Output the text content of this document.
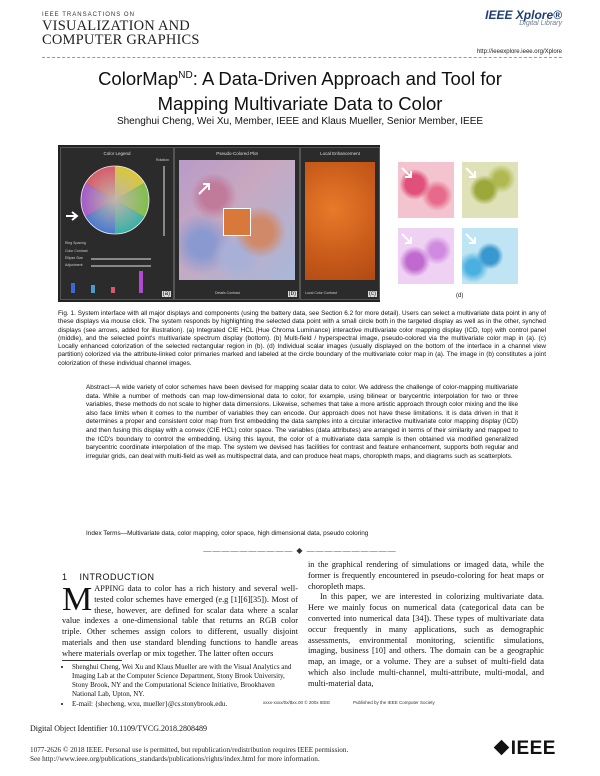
IEEE TRANSACTIONS ON
VISUALIZATION AND
COMPUTER GRAPHICS
IEEE Xplore®
Digital Library
http://ieeexplore.ieee.org/Xplore
ColorMap$^{ND}$: A Data-Driven Approach and Tool for
Mapping Multivariate Data to Color
Shenghui Cheng, Wei Xu, Member, IEEE and Klaus Mueller, Senior Member, IEEE
Color Legend
Rotation
Ring Spacing
Color Contrast
Ellipse Size
Adjustment
(a)
Pseudo-Colored Plot
Details Contrast	(b)
Local Enhancement
Local Color Contrast	(c)	(d)
Fig. 1. System interface with all major displays and components (using the battery data, see Section 6.2 for more detail). Users can select a multivariate data point in any of these displays via mouse click. The system responds by highlighting the selected data point with a small circle both in the targeted display as well as in the other, synched displays (see arrows, added for illustration). (a) Integrated CIE HCL (Hue Chroma Luminance) interactive multivariate color mapping display (ICD, top) with control panel (middle), and the selected point's multivariate spectrum display (bottom). (b) Multi-field / hyperspectral image, pseudo-colored via the multivariate color map in (a). (c) Locally enhanced colorization of the selected rectangular region in (b). (d) Individual scalar images (usually displayed on the bottom of the interface in a channel view partition) colorized via the attribute-linked color primaries marked and labeled at the circle boundary of the multivariate color map in (a). The image in (b) constitutes a joint colorization of these individual channel images.
Abstract—A wide variety of color schemes have been devised for mapping scalar data to color. We address the challenge of color-mapping multivariate data. While a number of methods can map low-dimensional data to color, for example, using bilinear or barycentric interpolation for two or three variables, these methods do not scale to higher data dimensions. Likewise, schemes that take a more artistic approach through color mixing and the like also face limits when it comes to the number of variables they can encode. Our approach does not have these limitations. It is data driven in that it determines a proper and consistent color map from first embedding the data samples into a circular interactive multivariate color mapping display (ICD) and then fusing this display with a convex (CIE HCL) color space. The variables (data attributes) are arranged in terms of their similarity and mapped to the ICD's boundary to control the embedding. Using this layout, the color of a multivariate data sample is then obtained via modified generalized barycentric coordinate interpolation of the map. The system we devised has facilities for contrast and feature enhancement, supports both regular and irregular grids, can deal with multi-field as well as multispectral data, and can produce heat maps, choropleth maps, and diagrams such as scatterplots.
Index Terms—Multivariate data, color mapping, color space, high dimensional data, pseudo coloring
—————————— ◆ ——————————
1 INTRODUCTION
MAPPING data to color has a rich history and several well-tested color schemes have emerged (e.g [1][6][35]). Most of these, however, are defined for scalar data where a scalar value indexes a one-dimensional table that returns an RGB color triple. Other schemes assign colors to different, usually disjoint materials and then use standard blending functions to handle areas where materials overlap or mix together. The latter often occurs
in the graphical rendering of simulations or imaged data, while the former is frequently encountered in pseudo-coloring for heat maps or choropleth maps.
In this paper, we are interested in colorizing multivariate data. Here we mainly focus on numerical data (categorical data can be converted into numerical data [34]). These types of multivariate data occur frequently in many applications, such as demographic assessments, environmental monitoring, scientific simulations, imaging, business [10] and others. The domain can be a geographic map, an image, or a volume. They are a subset of multi-field data which also include multi-channel, multi-attribute, multi-modal, and multi-material data,
• Shenghui Cheng, Wei Xu and Klaus Mueller are with the Visual Analytics and Imaging Lab at the Computer Science Department, Stony Brook University, Stony Brook, NY and the Computational Science Initiative, Brookhaven National Lab, Upton, NY.
• E-mail: {shecheng, wxu, mueller}@cs.stonybrook.edu.	xxxx-xxxx/0x/$xx.00 © 200x IEEE	Published by the IEEE Computer Society
Digital Object Identifier 10.1109/TVCG.2018.2808489
1077-2626 © 2018 IEEE. Personal use is permitted, but republication/redistribution requires IEEE permission.
See http://www.ieee.org/publications_standards/publications/rights/index.html for more information.	IEEE
